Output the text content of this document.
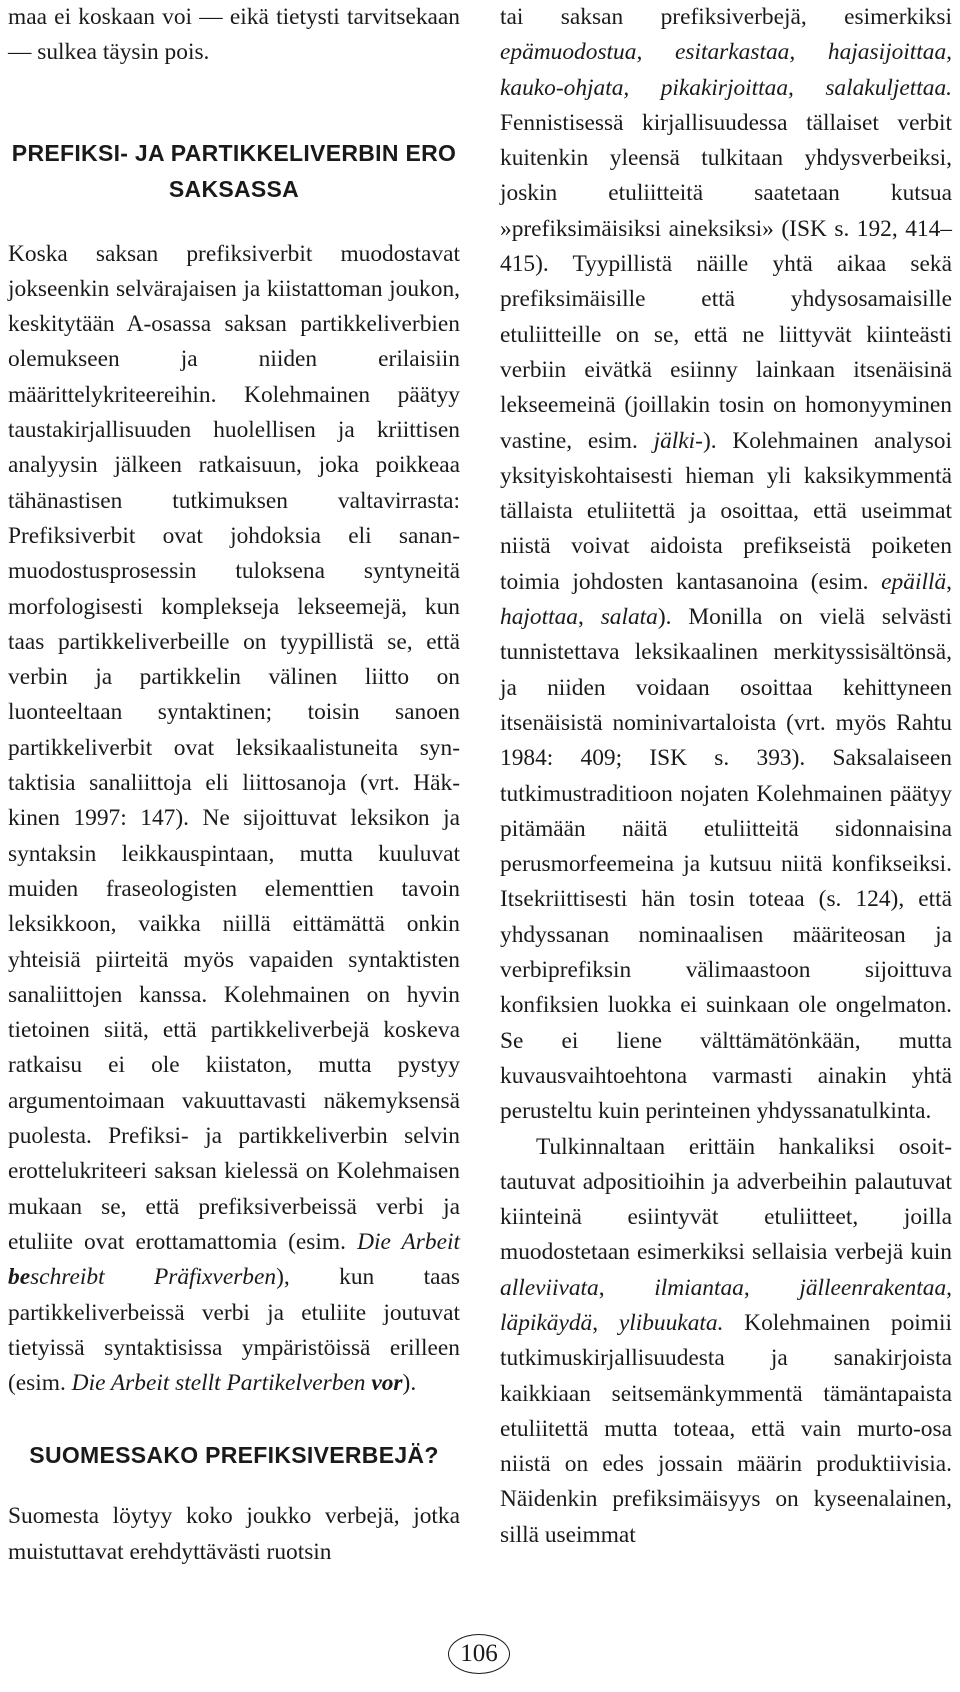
maa ei koskaan voi — eikä tietysti tarvitsekaan — sulkea täysin pois.

PREFIKSI- JA PARTIKKELIVERBIN ERO SAKSASSA

Koska saksan prefiksiverbit muodostavat jokseenkin selvärajaisen ja kiistattoman joukon, keskitytään A-osassa saksan partikkeliverbien olemukseen ja niiden erilaisiin määrittelykriteereihin. Kolehmainen päätyy taustakirjallisuuden huolellisen ja kriittisen analyysin jälkeen ratkaisuun, joka poikkeaa tähänastisen tutkimuksen valtavirrasta: Prefiksiverbit ovat johdoksia eli sananmuodostusprosessin tuloksena syntyneitä morfologisesti komplekseja lekseemejä, kun taas partikkeliverbeille on tyypillistä se, että verbin ja partikkelin välinen liitto on luonteeltaan syntaktinen; toisin sanoen partikkeliverbit ovat leksikaalistuneita syntaktisia sanaliittoja eli liittosanoja (vrt. Häkkinen 1997: 147). Ne sijoittuvat leksikon ja syntaksin leikkauspintaan, mutta kuuluvat muiden fraseologisten elementtien tavoin leksikkoon, vaikka niillä eittämättä onkin yhteisiä piirteitä myös vapaiden syntaktisten sanaliittojen kanssa. Kolehmainen on hyvin tietoinen siitä, että partikkeliverbejä koskeva ratkaisu ei ole kiistaton, mutta pystyy argumentoimaan vakuuttavasti näkemyksensä puolesta. Prefiksi- ja partikkeliverbin selvin erottelukriteeri saksan kielessä on Kolehmaisen mukaan se, että prefiksiverbeissä verbi ja etuliite ovat erottamattomia (esim. Die Arbeit beschreibt Präfixverben), kun taas partikkeliverbeissä verbi ja etuliite joutuvat tietyissä syntaktisissa ympäristöissä erilleen (esim. Die Arbeit stellt Partikelverben vor).

SUOMESSAKO PREFIKSIVERBEJÄ?

Suomesta löytyy koko joukko verbejä, jotka muistuttavat erehdyttävästi ruotsin

tai saksan prefiksiverbejä, esimerkiksi epämuodostua, esitarkastaa, hajasijoittaa, kauko-ohjata, pikakirjoittaa, salakuljettaa. Fennistisessä kirjallisuudessa tällaiset verbit kuitenkin yleensä tulkitaan yhdysverbeiksi, joskin etuliitteitä saatetaan kutsua »prefiksimäisiksi aineksiksi» (ISK s. 192, 414–415). Tyypillistä näille yhtä aikaa sekä prefiksimäisille että yhdysosamaisille etuliitteille on se, että ne liittyvät kiinteästi verbiin eivätkä esiinny lainkaan itsenäisinä lekseemeinä (joillakin tosin on homonyyminen vastine, esim. jälki-). Kolehmainen analysoi yksityiskohtaisesti hieman yli kaksikymmentä tällaista etuliitettä ja osoittaa, että useimmat niistä voivat aidoista prefikseistä poiketen toimia johdosten kantasanoina (esim. epäillä, hajottaa, salata). Monilla on vielä selvästi tunnistettava leksikaalinen merkityssisältönsä, ja niiden voidaan osoittaa kehittyneen itsenäisistä nominivartaloista (vrt. myös Rahtu 1984: 409; ISK s. 393). Saksalaiseen tutkimustraditioon nojaten Kolehmainen päätyy pitämään näitä etuliitteitä sidonnaisina perusmorfeemeina ja kutsuu niitä konfikseiksi. Itsekriittisesti hän tosin toteaa (s. 124), että yhdyssanan nominaalisen määriteosan ja verbiprefiksin välimaastoon sijoittuva konfiksien luokka ei suinkaan ole ongelmaton. Se ei liene välttämätönkään, mutta kuvausvaihtoehtona varmasti ainakin yhtä perusteltu kuin perinteinen yhdyssanatulkinta.

Tulkinnaltaan erittäin hankaliksi osoittautuvat adpositioihin ja adverbeihin palautuvat kiinteinä esiintyvät etuliitteet, joilla muodostetaan esimerkiksi sellaisia verbejä kuin alleviivata, ilmiantaa, jälleenrakentaa, läpikäydä, ylibuukata. Kolehmainen poimii tutkimuskirjallisuudesta ja sanakirjoista kaikkiaan seitsemänkymmentä tämäntapaista etuliitettä mutta toteaa, että vain murto-osa niistä on edes jossain määrin produktiivisia. Näidenkin prefiksimäisyys on kyseenalainen, sillä useimmat

106
